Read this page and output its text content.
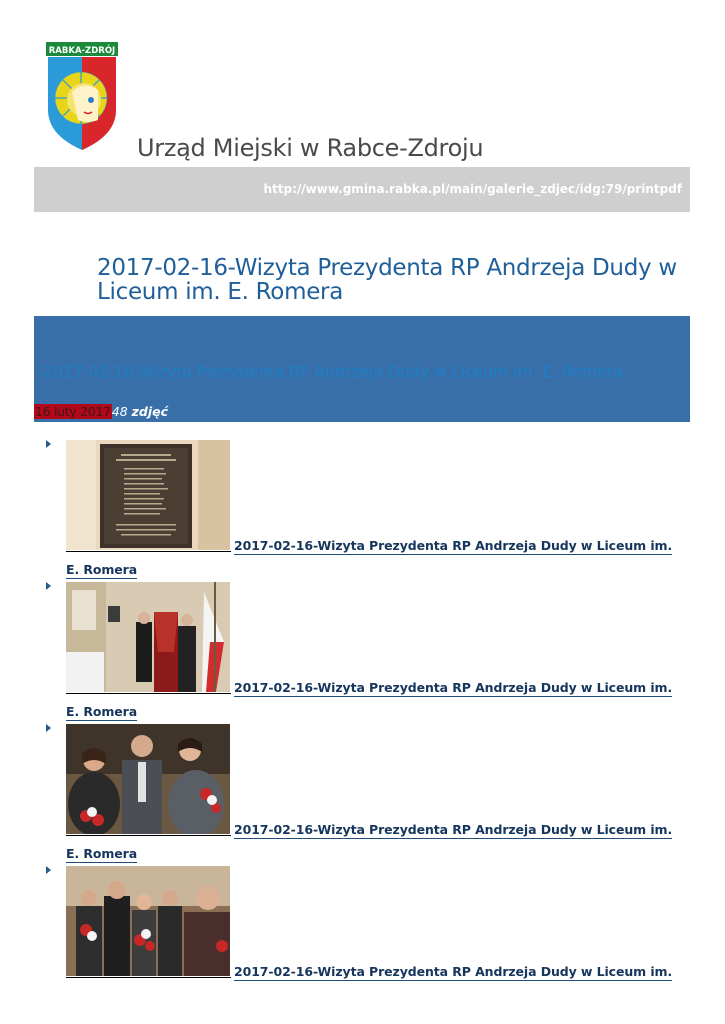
RABKA-ZDRÓJ
Urząd Miejski w Rabce-Zdroju
http://www.gmina.rabka.pl/main/galerie_zdjec/idg:79/printpdf
2017-02-16-Wizyta Prezydenta RP Andrzeja Dudy w Liceum im. E. Romera
2017-02-16-Wizyta Prezydenta RP Andrzeja Dudy w Liceum im. E. Romera
16 luty 201748 zdjęć
2017-02-16-Wizyta Prezydenta RP Andrzeja Dudy w Liceum im.
E. Romera
2017-02-16-Wizyta Prezydenta RP Andrzeja Dudy w Liceum im.
E. Romera
2017-02-16-Wizyta Prezydenta RP Andrzeja Dudy w Liceum im.
E. Romera
2017-02-16-Wizyta Prezydenta RP Andrzeja Dudy w Liceum im.
